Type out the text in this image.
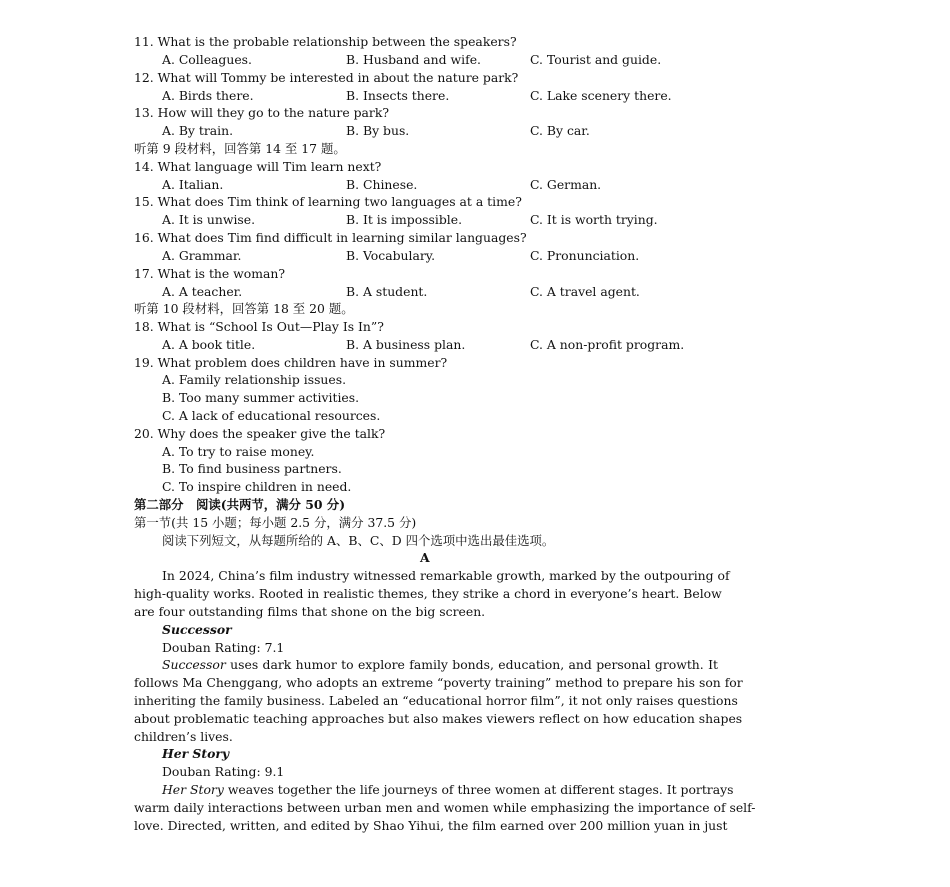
11. What is the probable relationship between the speakers?
A. Colleagues.	B. Husband and wife.	C. Tourist and guide.
12. What will Tommy be interested in about the nature park?
A. Birds there.	B. Insects there.	C. Lake scenery there.
13. How will they go to the nature park?
A. By train.	B. By bus.	C. By car.
听第 9 段材料，回答第 14 至 17 题。
14. What language will Tim learn next?
A. Italian.	B. Chinese.	C. German.
15. What does Tim think of learning two languages at a time?
A. It is unwise.	B. It is impossible.	C. It is worth trying.
16. What does Tim find difficult in learning similar languages?
A. Grammar.	B. Vocabulary.	C. Pronunciation.
17. What is the woman?
A. A teacher.	B. A student.	C. A travel agent.
听第 10 段材料，回答第 18 至 20 题。
18. What is “School Is Out—Play Is In”?
A. A book title.	B. A business plan.	C. A non-profit program.
19. What problem does children have in summer?
A. Family relationship issues.
B. Too many summer activities.
C. A lack of educational resources.
20. Why does the speaker give the talk?
A. To try to raise money.
B. To find business partners.
C. To inspire children in need.
第二部分　阅读(共两节，满分 50 分)
第一节(共 15 小题；每小题 2.5 分，满分 37.5 分)
阅读下列短文，从每题所给的 A、B、C、D 四个选项中选出最佳选项。
A
In 2024, China’s film industry witnessed remarkable growth, marked by the outpouring of
high-quality works. Rooted in realistic themes, they strike a chord in everyone’s heart. Below
are four outstanding films that shone on the big screen.
Successor
Douban Rating: 7.1
Successor uses dark humor to explore family bonds, education, and personal growth. It
follows Ma Chenggang, who adopts an extreme “poverty training” method to prepare his son for
inheriting the family business. Labeled an “educational horror film”, it not only raises questions
about problematic teaching approaches but also makes viewers reflect on how education shapes
children’s lives.
Her Story
Douban Rating: 9.1
Her Story weaves together the life journeys of three women at different stages. It portrays
warm daily interactions between urban men and women while emphasizing the importance of self-
love. Directed, written, and edited by Shao Yihui, the film earned over 200 million yuan in just
